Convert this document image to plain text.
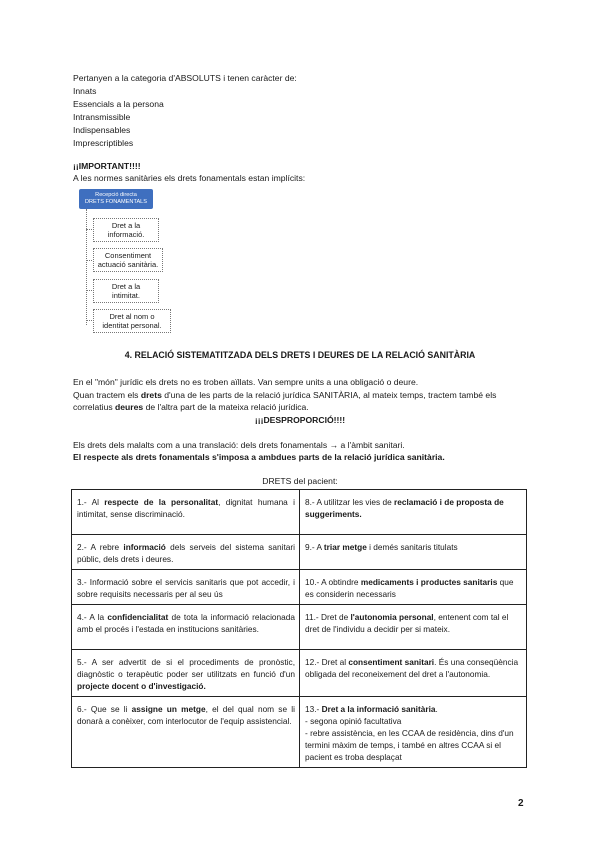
Pertanyen a la categoria d'ABSOLUTS i tenen caràcter de:
Innats
Essencials a la persona
Intransmissible
Indispensables
Imprescriptibles
¡¡IMPORTANT!!!!
A les normes sanitàries els drets fonamentals estan implícits:
Recepció directa
DRETS FONAMENTALS
Dret a la
informació.
Consentiment
actuació sanitària.
Dret a la
intimitat.
Dret al nom o
identitat personal.
4. RELACIÓ SISTEMATITZADA DELS DRETS I DEURES DE LA RELACIÓ SANITÀRIA
En el "món" jurídic els drets no es troben aïllats. Van sempre units a una obligació o deure.
Quan tractem els drets d'una de les parts de la relació jurídica SANITÀRIA, al mateix temps, tractem també els
correlatius deures de l'altra part de la mateixa relació jurídica.
¡¡¡DESPROPORCIÓ!!!!
Els drets dels malalts com a una translació: dels drets fonamentals → a l'àmbit sanitari.
El respecte als drets fonamentals s'imposa a ambdues parts de la relació jurídica sanitària.
DRETS del pacient:
1.- Al respecte de la personalitat, dignitat humana i intimitat, sense discriminació.	8.- A utilitzar les vies de reclamació i de proposta de suggeriments.
2.- A rebre informació dels serveis del sistema sanitari públic, dels drets i deures.	9.- A triar metge i demés sanitaris titulats
3.- Informació sobre el servicis sanitaris que pot accedir, i sobre requisits necessaris per al seu ús	10.- A obtindre medicaments i productes sanitaris que es considerin necessaris
4.- A la confidencialitat de tota la informació relacionada amb el procés i l'estada en institucions sanitàries.	11.- Dret de l'autonomia personal, entenent com tal el dret de l'individu a decidir per si mateix.
5.- A ser advertit de si el procediments de pronòstic, diagnòstic o terapèutic poder ser utilitzats en funció d'un projecte docent o d'investigació.	12.- Dret al consentiment sanitari. És una conseqüència obligada del reconeixement del dret a l'autonomia.
6.- Que se li assigne un metge, el del qual nom se li donarà a conèixer, com interlocutor de l'equip assistencial.	13.- Dret a la informació sanitària.
- segona opinió facultativa
- rebre assistència, en les CCAA de residència, dins d'un termini màxim de temps, i també en altres CCAA si el pacient es troba desplaçat
2
